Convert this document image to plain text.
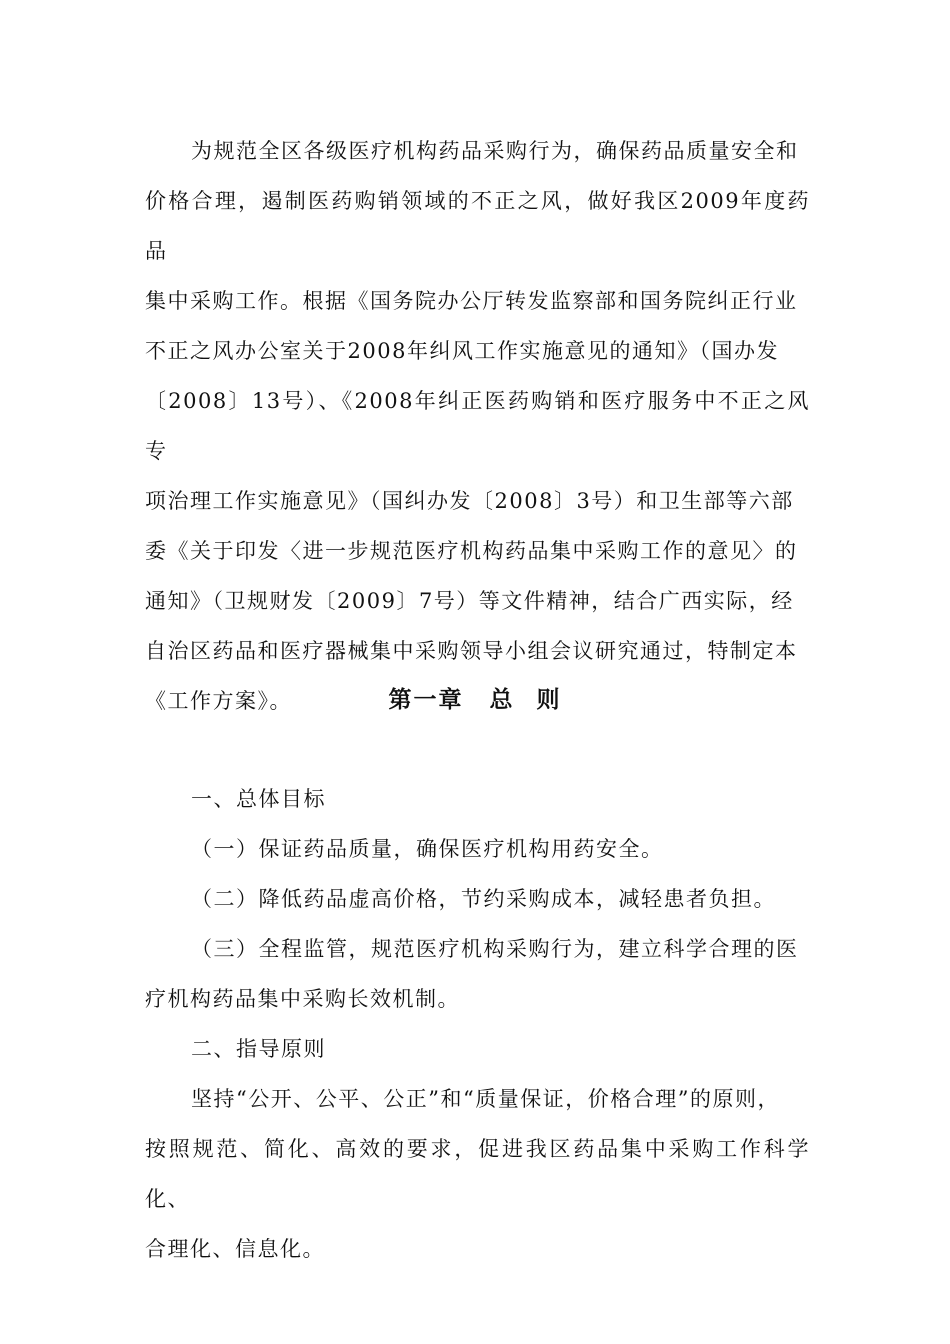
为规范全区各级医疗机构药品采购行为，确保药品质量安全和

价格合理，遏制医药购销领域的不正之风，做好我区2009年度药品

集中采购工作。根据《国务院办公厅转发监察部和国务院纠正行业

不正之风办公室关于2008年纠风工作实施意见的通知》（国办发

〔2008〕13号）、《2008年纠正医药购销和医疗服务中不正之风专

项治理工作实施意见》（国纠办发〔2008〕3号）和卫生部等六部

委《关于印发〈进一步规范医疗机构药品集中采购工作的意见〉的

通知》（卫规财发〔2009〕7号）等文件精神，结合广西实际，经

自治区药品和医疗器械集中采购领导小组会议研究通过，特制定本

《工作方案》。	第一章 总 则

一、总体目标

（一）保证药品质量，确保医疗机构用药安全。

（二）降低药品虚高价格，节约采购成本，减轻患者负担。

（三）全程监管，规范医疗机构采购行为，建立科学合理的医

疗机构药品集中采购长效机制。

二、指导原则

坚持“公开、公平、公正”和“质量保证，价格合理”的原则，

按照规范、简化、高效的要求，促进我区药品集中采购工作科学化、

合理化、信息化。
